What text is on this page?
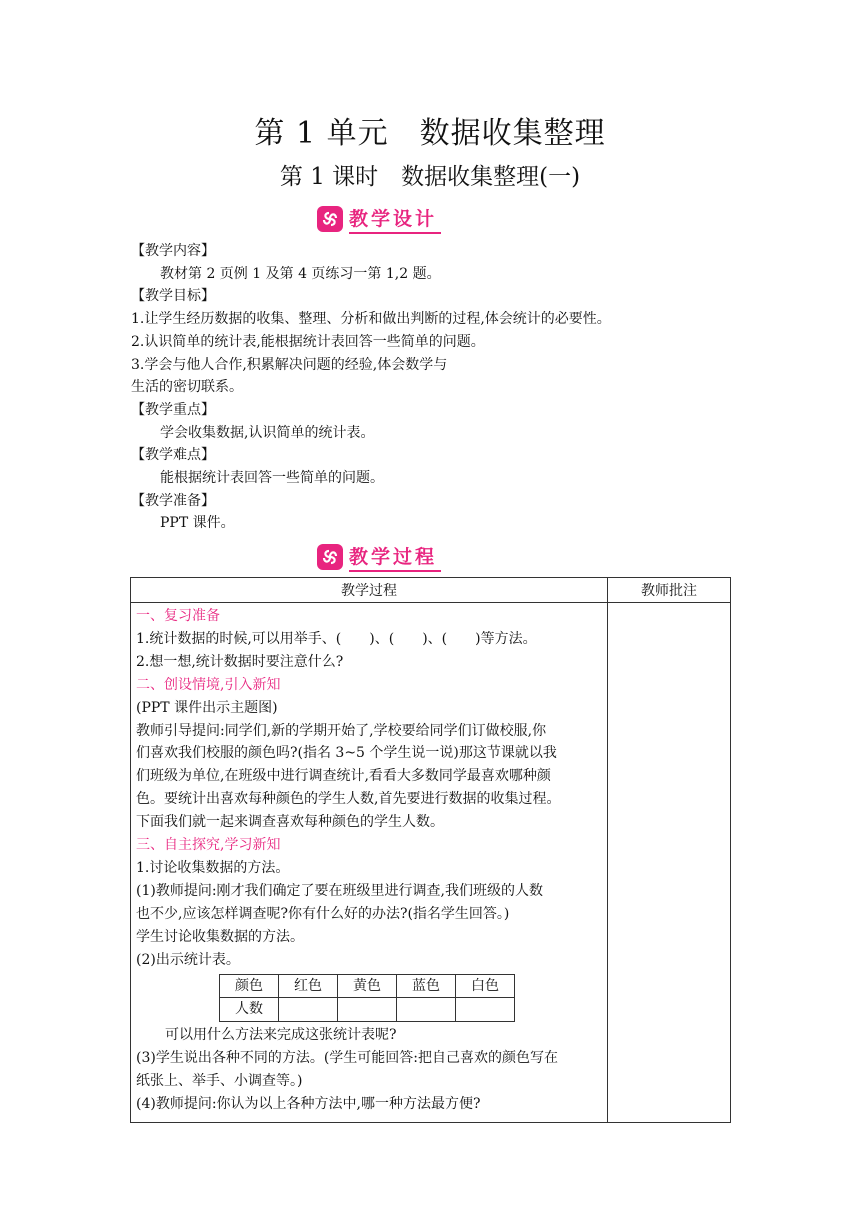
第 1 单元　数据收集整理
第 1 课时　数据收集整理(一)
教学设计
【教学内容】
教材第 2 页例 1 及第 4 页练习一第 1,2 题。
【教学目标】
1.让学生经历数据的收集、整理、分析和做出判断的过程,体会统计的必要性。
2.认识简单的统计表,能根据统计表回答一些简单的问题。
3.学会与他人合作,积累解决问题的经验,体会数学与
生活的密切联系。
【教学重点】
学会收集数据,认识简单的统计表。
【教学难点】
能根据统计表回答一些简单的问题。
【教学准备】
PPT 课件。
教学过程
教学过程	教师批注

一、复习准备
1.统计数据的时候,可以用举手、(　　)、(　　)、(　　)等方法。
2.想一想,统计数据时要注意什么?
二、创设情境,引入新知
(PPT 课件出示主题图)
教师引导提问:同学们,新的学期开始了,学校要给同学们订做校服,你
们喜欢我们校服的颜色吗?(指名 3~5 个学生说一说)那这节课就以我
们班级为单位,在班级中进行调查统计,看看大多数同学最喜欢哪种颜
色。要统计出喜欢每种颜色的学生人数,首先要进行数据的收集过程。
下面我们就一起来调查喜欢每种颜色的学生人数。
三、自主探究,学习新知
1.讨论收集数据的方法。
(1)教师提问:刚才我们确定了要在班级里进行调查,我们班级的人数
也不少,应该怎样调查呢?你有什么好的办法?(指名学生回答。)
学生讨论收集数据的方法。
(2)出示统计表。
颜色	红色	黄色	蓝色	白色
人数				
可以用什么方法来完成这张统计表呢?
(3)学生说出各种不同的方法。(学生可能回答:把自己喜欢的颜色写在
纸张上、举手、小调查等。)
(4)教师提问:你认为以上各种方法中,哪一种方法最方便?
